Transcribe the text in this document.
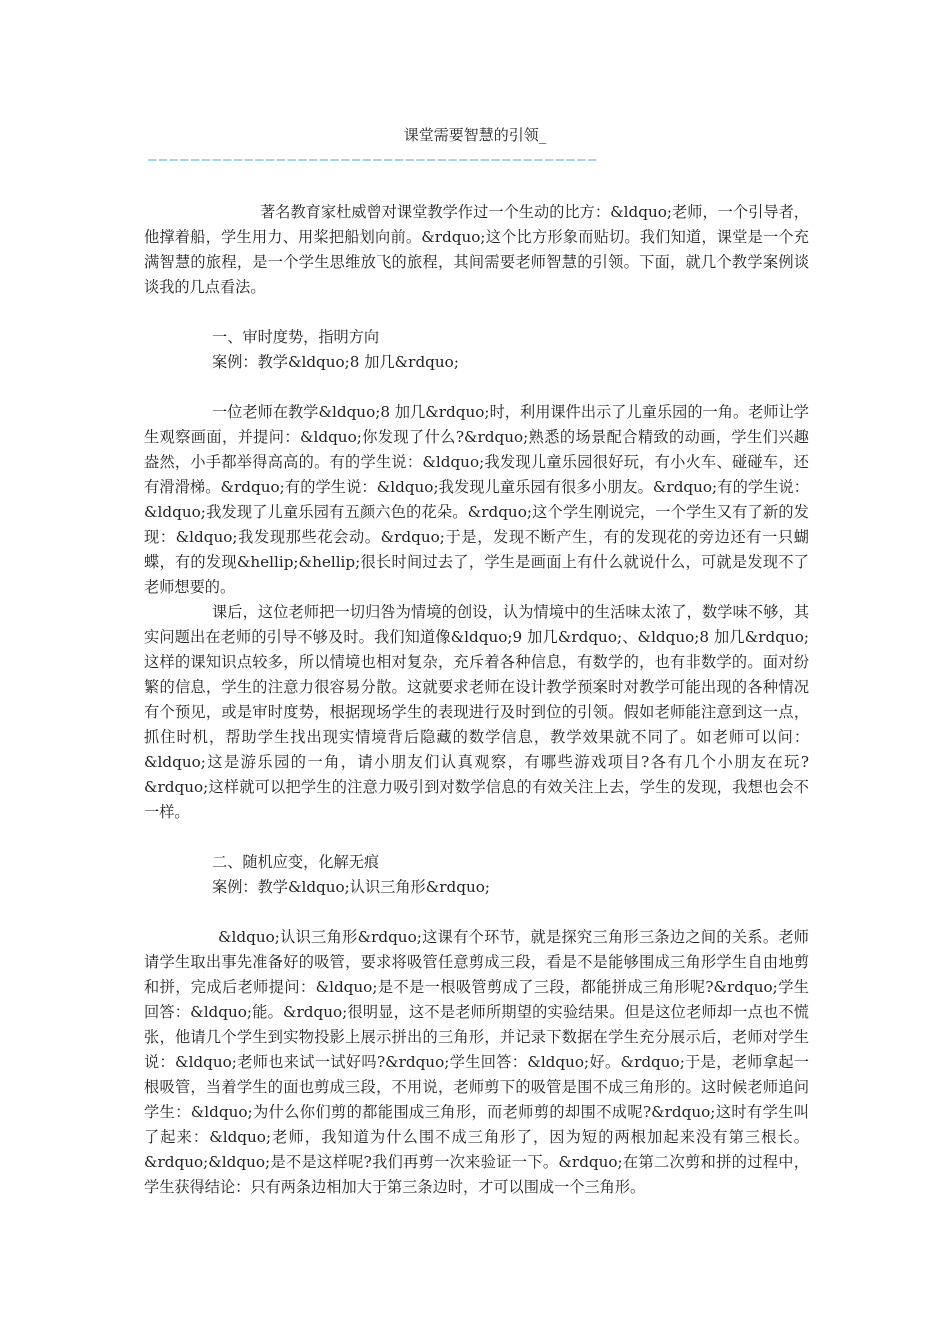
课堂需要智慧的引领_
——————————————————————————————————————————

著名教育家杜威曾对课堂教学作过一个生动的比方：&ldquo;老师，一个引导者，他撑着船，学生用力、用桨把船划向前。&rdquo;这个比方形象而贴切。我们知道，课堂是一个充满智慧的旅程，是一个学生思维放飞的旅程，其间需要老师智慧的引领。下面，就几个教学案例谈谈我的几点看法。

一、审时度势，指明方向

案例：教学&ldquo;8 加几&rdquo;

一位老师在教学&ldquo;8 加几&rdquo;时，利用课件出示了儿童乐园的一角。老师让学生观察画面，并提问：&ldquo;你发现了什么?&rdquo;熟悉的场景配合精致的动画，学生们兴趣盎然，小手都举得高高的。有的学生说：&ldquo;我发现儿童乐园很好玩，有小火车、碰碰车，还有滑滑梯。&rdquo;有的学生说：&ldquo;我发现儿童乐园有很多小朋友。&rdquo;有的学生说：&ldquo;我发现了儿童乐园有五颜六色的花朵。&rdquo;这个学生刚说完，一个学生又有了新的发现：&ldquo;我发现那些花会动。&rdquo;于是，发现不断产生，有的发现花的旁边还有一只蝴蝶，有的发现&hellip;&hellip;很长时间过去了，学生是画面上有什么就说什么，可就是发现不了老师想要的。

课后，这位老师把一切归咎为情境的创设，认为情境中的生活味太浓了，数学味不够，其实问题出在老师的引导不够及时。我们知道像&ldquo;9 加几&rdquo;、&ldquo;8 加几&rdquo;这样的课知识点较多，所以情境也相对复杂，充斥着各种信息，有数学的，也有非数学的。面对纷繁的信息，学生的注意力很容易分散。这就要求老师在设计教学预案时对教学可能出现的各种情况有个预见，或是审时度势，根据现场学生的表现进行及时到位的引领。假如老师能注意到这一点，抓住时机，帮助学生找出现实情境背后隐藏的数学信息，教学效果就不同了。如老师可以问：&ldquo;这是游乐园的一角，请小朋友们认真观察，有哪些游戏项目?各有几个小朋友在玩?&rdquo;这样就可以把学生的注意力吸引到对数学信息的有效关注上去，学生的发现，我想也会不一样。

二、随机应变，化解无痕

案例：教学&ldquo;认识三角形&rdquo;

&ldquo;认识三角形&rdquo;这课有个环节，就是探究三角形三条边之间的关系。老师请学生取出事先准备好的吸管，要求将吸管任意剪成三段，看是不是能够围成三角形学生自由地剪和拼，完成后老师提问：&ldquo;是不是一根吸管剪成了三段，都能拼成三角形呢?&rdquo;学生回答：&ldquo;能。&rdquo;很明显，这不是老师所期望的实验结果。但是这位老师却一点也不慌张，他请几个学生到实物投影上展示拼出的三角形，并记录下数据在学生充分展示后，老师对学生说：&ldquo;老师也来试一试好吗?&rdquo;学生回答：&ldquo;好。&rdquo;于是，老师拿起一根吸管，当着学生的面也剪成三段，不用说，老师剪下的吸管是围不成三角形的。这时候老师追问学生：&ldquo;为什么你们剪的都能围成三角形，而老师剪的却围不成呢?&rdquo;这时有学生叫了起来：&ldquo;老师，我知道为什么围不成三角形了，因为短的两根加起来没有第三根长。&rdquo;&ldquo;是不是这样呢?我们再剪一次来验证一下。&rdquo;在第二次剪和拼的过程中，学生获得结论：只有两条边相加大于第三条边时，才可以围成一个三角形。
